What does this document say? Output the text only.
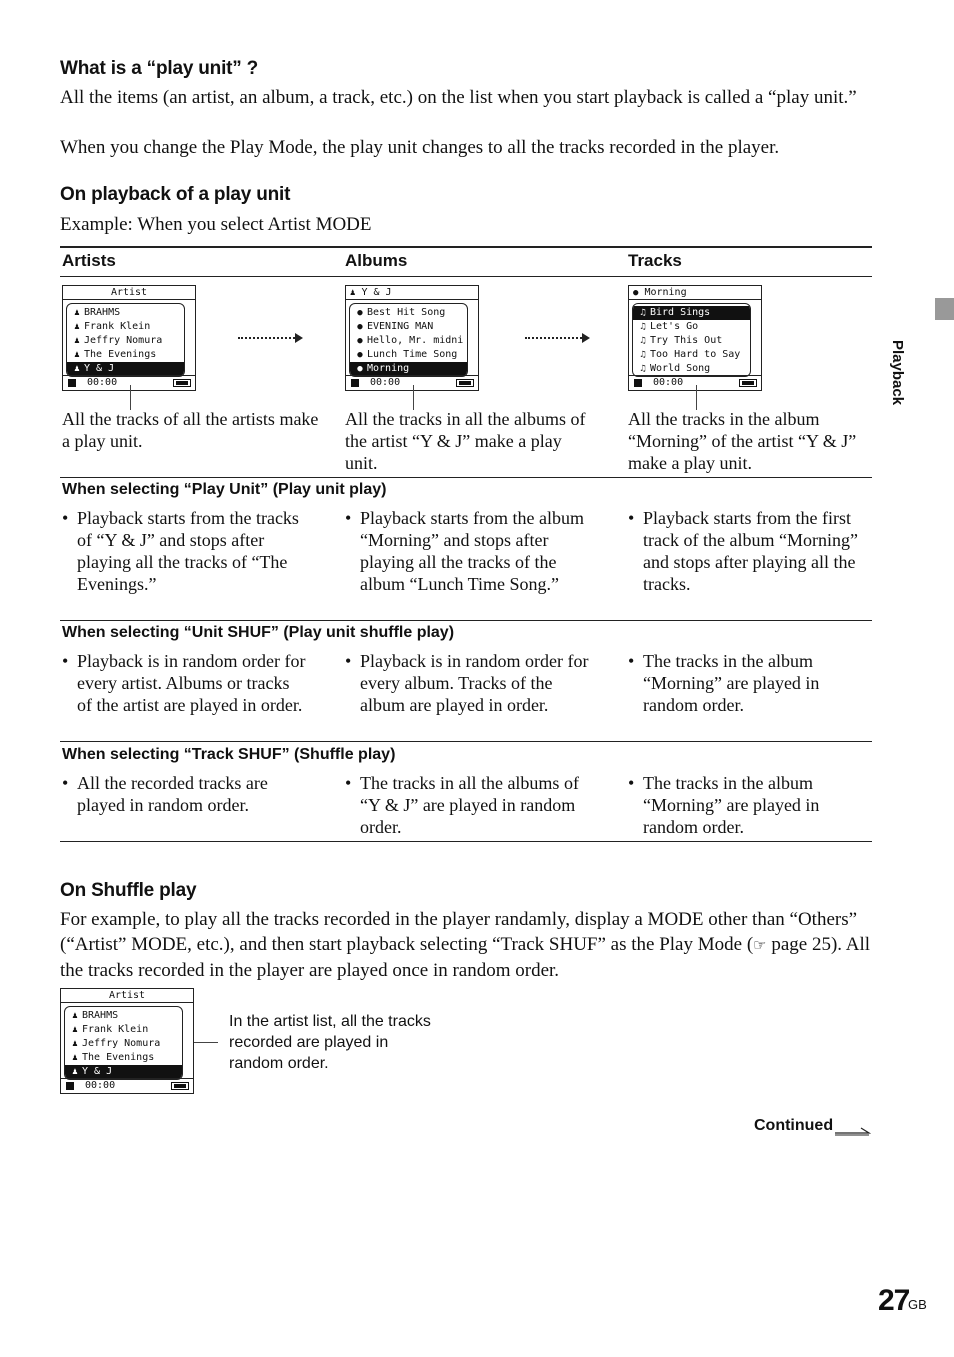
What is a “play unit” ?
All the items (an artist, an album, a track, etc.) on the list when you start playback is called a “play unit.”
When you change the Play Mode, the play unit changes to all the tracks recorded in the player.
On playback of a play unit
Example: When you select Artist MODE
Artists	Albums	Tracks
Artist
♟ BRAHMS
♟ Frank Klein
♟ Jeffry Nomura
♟ The Evenings
♟ Y & J
00:00
♟ Y & J
● Best Hit Song
● EVENING MAN
● Hello, Mr. midni
● Lunch Time Song
● Morning
00:00
● Morning
♫ Bird Sings
♫ Let's Go
♫ Try This Out
♫ Too Hard to Say
♫ World Song
00:00
All the tracks of all the artists make a play unit.
All the tracks in all the albums of the artist “Y & J” make a play unit.
All the tracks in the album “Morning” of the artist “Y & J” make a play unit.
When selecting “Play Unit” (Play unit play)
• Playback starts from the tracks of “Y & J” and stops after playing all the tracks of “The Evenings.”
• Playback starts from the album “Morning” and stops after playing all the tracks of the album “Lunch Time Song.”
• Playback starts from the first track of the album “Morning” and stops after playing all the tracks.
When selecting “Unit SHUF” (Play unit shuffle play)
• Playback is in random order for every artist. Albums or tracks of the artist are played in order.
• Playback is in random order for every album. Tracks of the album are played in order.
• The tracks in the album “Morning” are played in random order.
When selecting “Track SHUF” (Shuffle play)
• All the recorded tracks are played in random order.
• The tracks in all the albums of “Y & J” are played in random order.
• The tracks in the album “Morning” are played in random order.
On Shuffle play
For example, to play all the tracks recorded in the player randamly, display a MODE other than “Others” (“Artist” MODE, etc.), and then start playback selecting “Track SHUF” as the Play Mode (☞ page 25). All the tracks recorded in the player are played once in random order.
Artist
♟ BRAHMS
♟ Frank Klein
♟ Jeffry Nomura
♟ The Evenings
♟ Y & J
00:00
In the artist list, all the tracks recorded are played in random order.
Continued
Playback
27
GB
